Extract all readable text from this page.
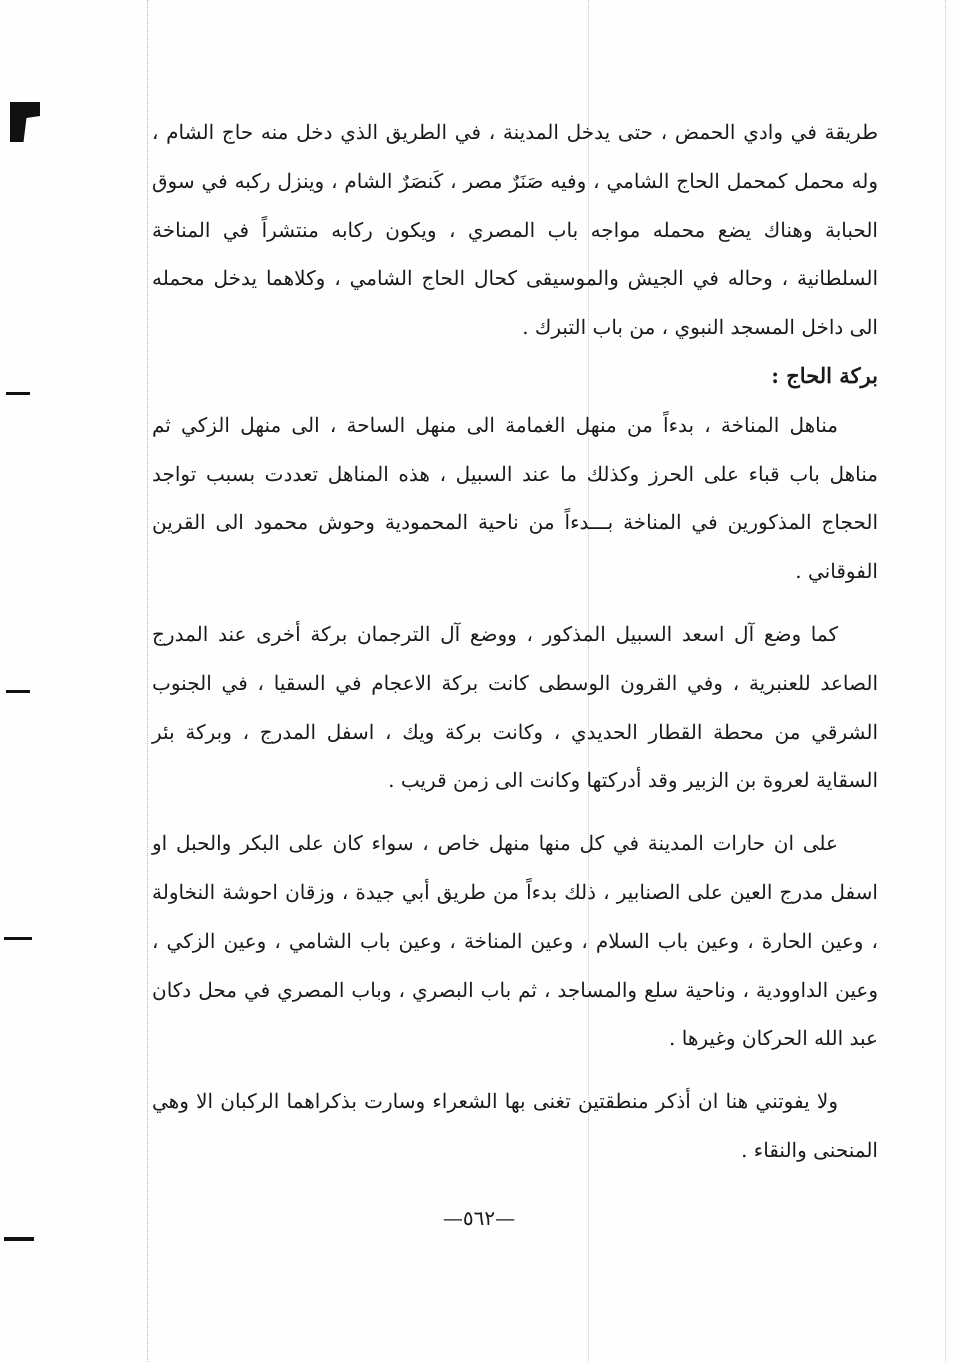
طريقة في وادي الحمض ، حتى يدخل المدينة ، في الطريق الذي دخل منه حاج الشام ، وله محمل كمحمل الحاج الشامي ، وفيه صَنَرٌ مصر ، كَنصَرٌ الشام ، وينزل ركبه في سوق الحبابة وهناك يضع محمله مواجه باب المصري ، ويكون ركابه منتشراً في المناخة السلطانية ، وحاله في الجيش والموسيقى كحال الحاج الشامي ، وكلاهما يدخل محمله الى داخل المسجد النبوي ، من باب التبرك .

بركة الحاج :

مناهل المناخة ، بدءاً من منهل الغمامة الى منهل الساحة ، الى منهل الزكي ثم مناهل باب قباء على الحرز وكذلك ما عند السبيل ، هذه المناهل تعددت بسبب تواجد الحجاج المذكورين في المناخة بـــدءاً من ناحية المحمودية وحوش محمود الى القرين الفوقاني .

كما وضع آل اسعد السبيل المذكور ، ووضع آل الترجمان بركة أخرى عند المدرج الصاعد للعنبرية ، وفي القرون الوسطى كانت بركة الاعجام في السقيا ، في الجنوب الشرقي من محطة القطار الحديدي ، وكانت بركة ويك ، اسفل المدرج ، وبركة بئر السقاية لعروة بن الزبير وقد أدركتها وكانت الى زمن قريب .

على ان حارات المدينة في كل منها منهل خاص ، سواء كان على البكر والحبل او اسفل مدرج العين على الصنابير ، ذلك بدءاً من طريق أبي جيدة ، وزقان احوشة النخاولة ، وعين الحارة ، وعين باب السلام ، وعين المناخة ، وعين باب الشامي ، وعين الزكي ، وعين الداوودية ، وناحية سلع والمساجد ، ثم باب البصري ، وباب المصري في محل دكان عبد الله الحركان وغيرها .

ولا يفوتني هنا ان أذكر منطقتين تغنى بها الشعراء وسارت بذكراهما الركبان الا وهي المنحنى والنقاء .

—٥٦٢—
